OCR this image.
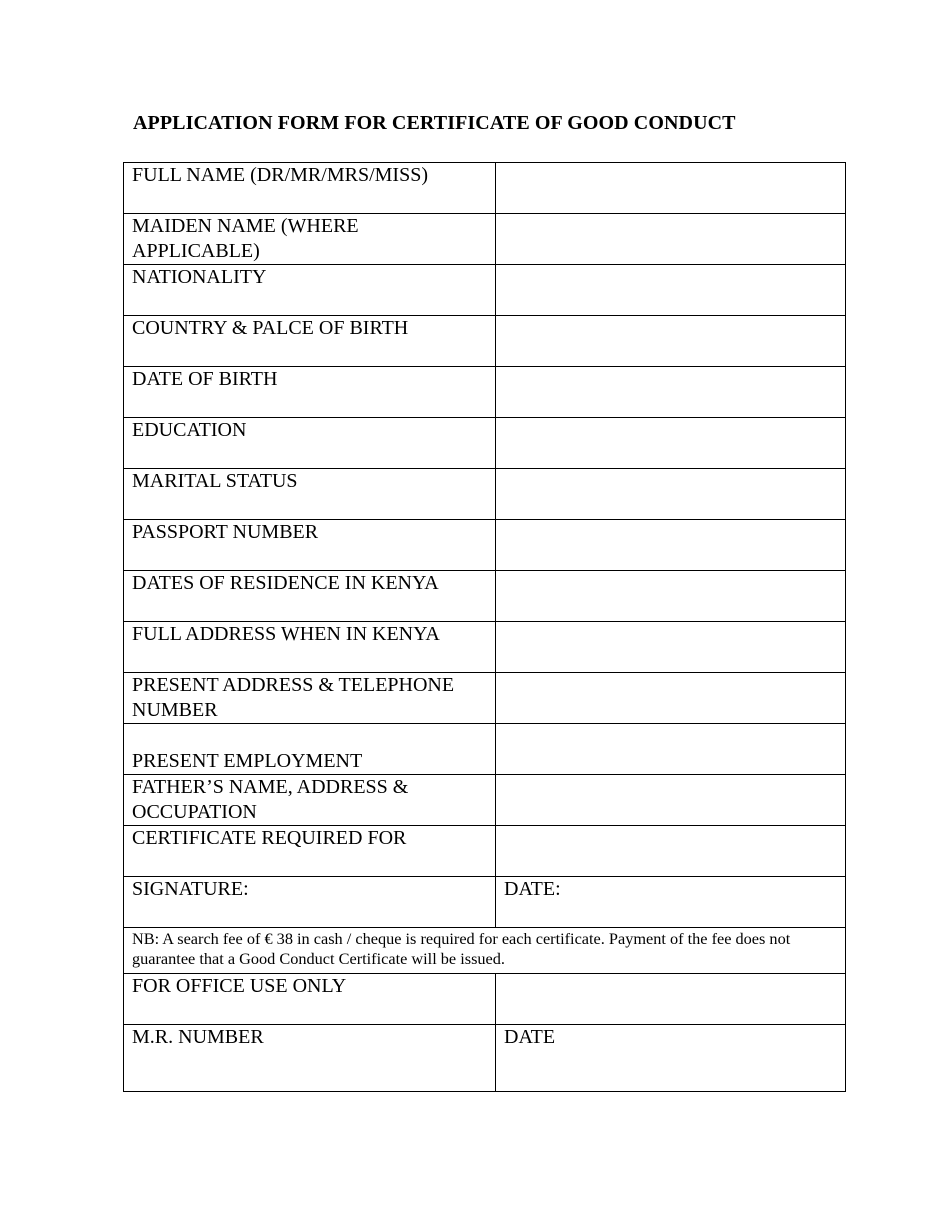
APPLICATION FORM FOR CERTIFICATE OF GOOD CONDUCT
FULL NAME (DR/MR/MRS/MISS)	
MAIDEN NAME (WHERE APPLICABLE)	
NATIONALITY	
COUNTRY & PALCE OF BIRTH	
DATE OF BIRTH	
EDUCATION	
MARITAL STATUS	
PASSPORT NUMBER	
DATES OF RESIDENCE IN KENYA	
FULL ADDRESS WHEN IN KENYA	
PRESENT ADDRESS & TELEPHONE NUMBER	

PRESENT EMPLOYMENT	
FATHER’S NAME, ADDRESS & OCCUPATION	
CERTIFICATE REQUIRED FOR	
SIGNATURE:	DATE:
NB: A search fee of € 38 in cash / cheque is required for each certificate. Payment of the fee does not guarantee that a Good Conduct Certificate will be issued.	
FOR OFFICE USE ONLY	
M.R. NUMBER	DATE
